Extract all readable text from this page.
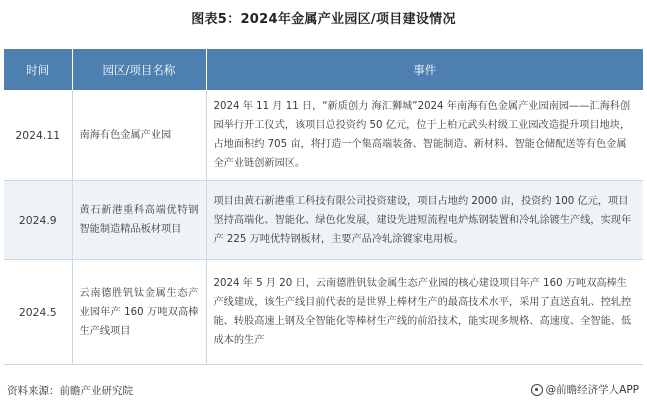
图表5：2024年金属产业园区/项目建设情况
时间	园区/项目名称	事件
2024.11	南海有色金属产业园	2024 年 11 月 11 日，“新质创力 海汇狮城”2024 年南海有色金属产业园南园——汇海科创园举行开工仪式，该项目总投资约 50 亿元，位于上柏元武头村级工业园改造提升项目地块，占地面积约 705 亩，将打造一个集高端装备、智能制造、新材料、智能仓储配送等有色金属全产业链创新园区。
2024.9	黄石新港重科高端优特钢智能制造精品板材项目	项目由黄石新港重工科技有限公司投资建设，项目占地约 2000 亩，投资约 100 亿元，项目坚持高端化、智能化、绿色化发展，建设先进短流程电炉炼钢装置和冷轧涂镀生产线，实现年产 225 万吨优特钢板材，主要产品冷轧涂镀家电用板。
2024.5	云南德胜钒钛金属生态产业园年产 160 万吨双高棒生产线项目	2024 年 5 月 20 日，云南德胜钒钛金属生态产业园的核心建设项目年产 160 万吨双高棒生产线建成，该生产线目前代表的是世界上棒材生产的最高技术水平，采用了直送直轧、控轧控能、转股高速上钢及全智能化等棒材生产线的前沿技术，能实现多规格、高速度、全智能、低成本的生产
资料来源：前瞻产业研究院	@前瞻经济学人APP
